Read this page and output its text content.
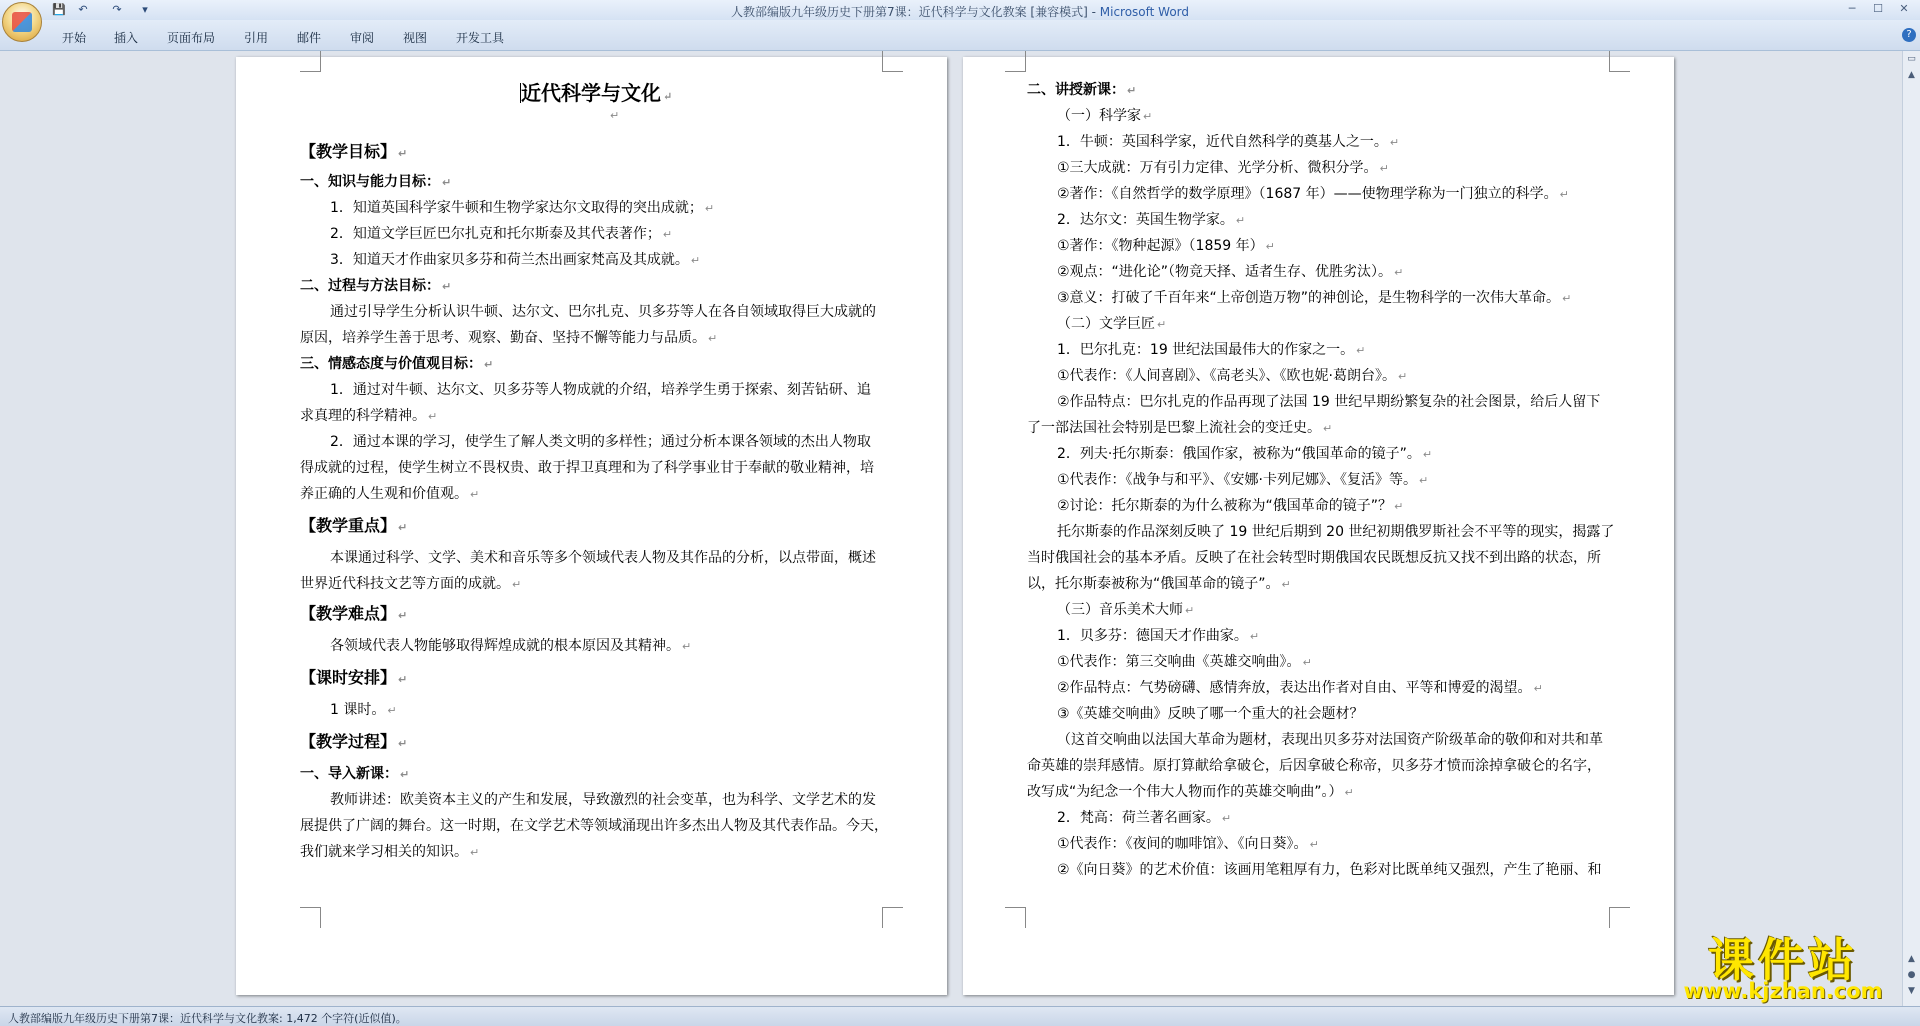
💾 ↶ ↷	▾	人教部编版九年级历史下册第7课：近代科学与文化教案 [兼容模式] - Microsoft Word	─	☐	✕
开始 插入 页面布局 引用 邮件 审阅 视图 开发工具	?
近代科学与文化 ↵
↵
【教学目标】 ↵
一、知识与能力目标： ↵
1．知道英国科学家牛顿和生物学家达尔文取得的突出成就； ↵
2．知道文学巨匠巴尔扎克和托尔斯泰及其代表著作； ↵
3．知道天才作曲家贝多芬和荷兰杰出画家梵高及其成就。 ↵
二、过程与方法目标： ↵
通过引导学生分析认识牛顿、达尔文、巴尔扎克、贝多芬等人在各自领域取得巨大成就的
原因，培养学生善于思考、观察、勤奋、坚持不懈等能力与品质。 ↵
三、情感态度与价值观目标： ↵
1．通过对牛顿、达尔文、贝多芬等人物成就的介绍，培养学生勇于探索、刻苦钻研、追
求真理的科学精神。 ↵
2．通过本课的学习，使学生了解人类文明的多样性；通过分析本课各领域的杰出人物取
得成就的过程，使学生树立不畏权贵、敢于捍卫真理和为了科学事业甘于奉献的敬业精神，培
养正确的人生观和价值观。 ↵
【教学重点】 ↵
本课通过科学、文学、美术和音乐等多个领域代表人物及其作品的分析，以点带面，概述
世界近代科技文艺等方面的成就。 ↵
【教学难点】 ↵
各领域代表人物能够取得辉煌成就的根本原因及其精神。 ↵
【课时安排】 ↵
1 课时。 ↵
【教学过程】 ↵
一、导入新课： ↵
教师讲述：欧美资本主义的产生和发展，导致激烈的社会变革，也为科学、文学艺术的发
展提供了广阔的舞台。这一时期，在文学艺术等领域涌现出许多杰出人物及其代表作品。今天，
我们就来学习相关的知识。 ↵
二、讲授新课： ↵
（一）科学家 ↵
1．牛顿：英国科学家，近代自然科学的奠基人之一。 ↵
①三大成就：万有引力定律、光学分析、微积分学。 ↵
②著作：《自然哲学的数学原理》（1687 年）——使物理学称为一门独立的科学。 ↵
2．达尔文：英国生物学家。 ↵
①著作：《物种起源》（1859 年） ↵
②观点：“进化论”（物竞天择、适者生存、优胜劣汰）。 ↵
③意义：打破了千百年来“上帝创造万物”的神创论，是生物科学的一次伟大革命。 ↵
（二）文学巨匠 ↵
1．巴尔扎克：19 世纪法国最伟大的作家之一。 ↵
①代表作：《人间喜剧》、《高老头》、《欧也妮·葛朗台》。 ↵
②作品特点：巴尔扎克的作品再现了法国 19 世纪早期纷繁复杂的社会图景，给后人留下
了一部法国社会特别是巴黎上流社会的变迁史。 ↵
2．列夫·托尔斯泰：俄国作家，被称为“俄国革命的镜子”。 ↵
①代表作：《战争与和平》、《安娜·卡列尼娜》、《复活》等。 ↵
②讨论：托尔斯泰的为什么被称为“俄国革命的镜子”？ ↵
托尔斯泰的作品深刻反映了 19 世纪后期到 20 世纪初期俄罗斯社会不平等的现实，揭露了
当时俄国社会的基本矛盾。反映了在社会转型时期俄国农民既想反抗又找不到出路的状态，所
以，托尔斯泰被称为“俄国革命的镜子”。 ↵
（三）音乐美术大师 ↵
1．贝多芬：德国天才作曲家。 ↵
①代表作：第三交响曲《英雄交响曲》。 ↵
②作品特点：气势磅礴、感情奔放，表达出作者对自由、平等和博爱的渴望。 ↵
③《英雄交响曲》反映了哪一个重大的社会题材？
（这首交响曲以法国大革命为题材，表现出贝多芬对法国资产阶级革命的敬仰和对共和革
命英雄的崇拜感情。原打算献给拿破仑，后因拿破仑称帝，贝多芬才愤而涂掉拿破仑的名字，
改写成“为纪念一个伟大人物而作的英雄交响曲”。） ↵
2．梵高：荷兰著名画家。 ↵
①代表作：《夜间的咖啡馆》、《向日葵》。 ↵
②《向日葵》的艺术价值：该画用笔粗厚有力，色彩对比既单纯又强烈，产生了艳丽、和
▭
▲
▲
●
▼
人教部编版九年级历史下册第7课：近代科学与文化教案: 1,472 个字符(近似值)。
课件站
www.kjzhan.com
